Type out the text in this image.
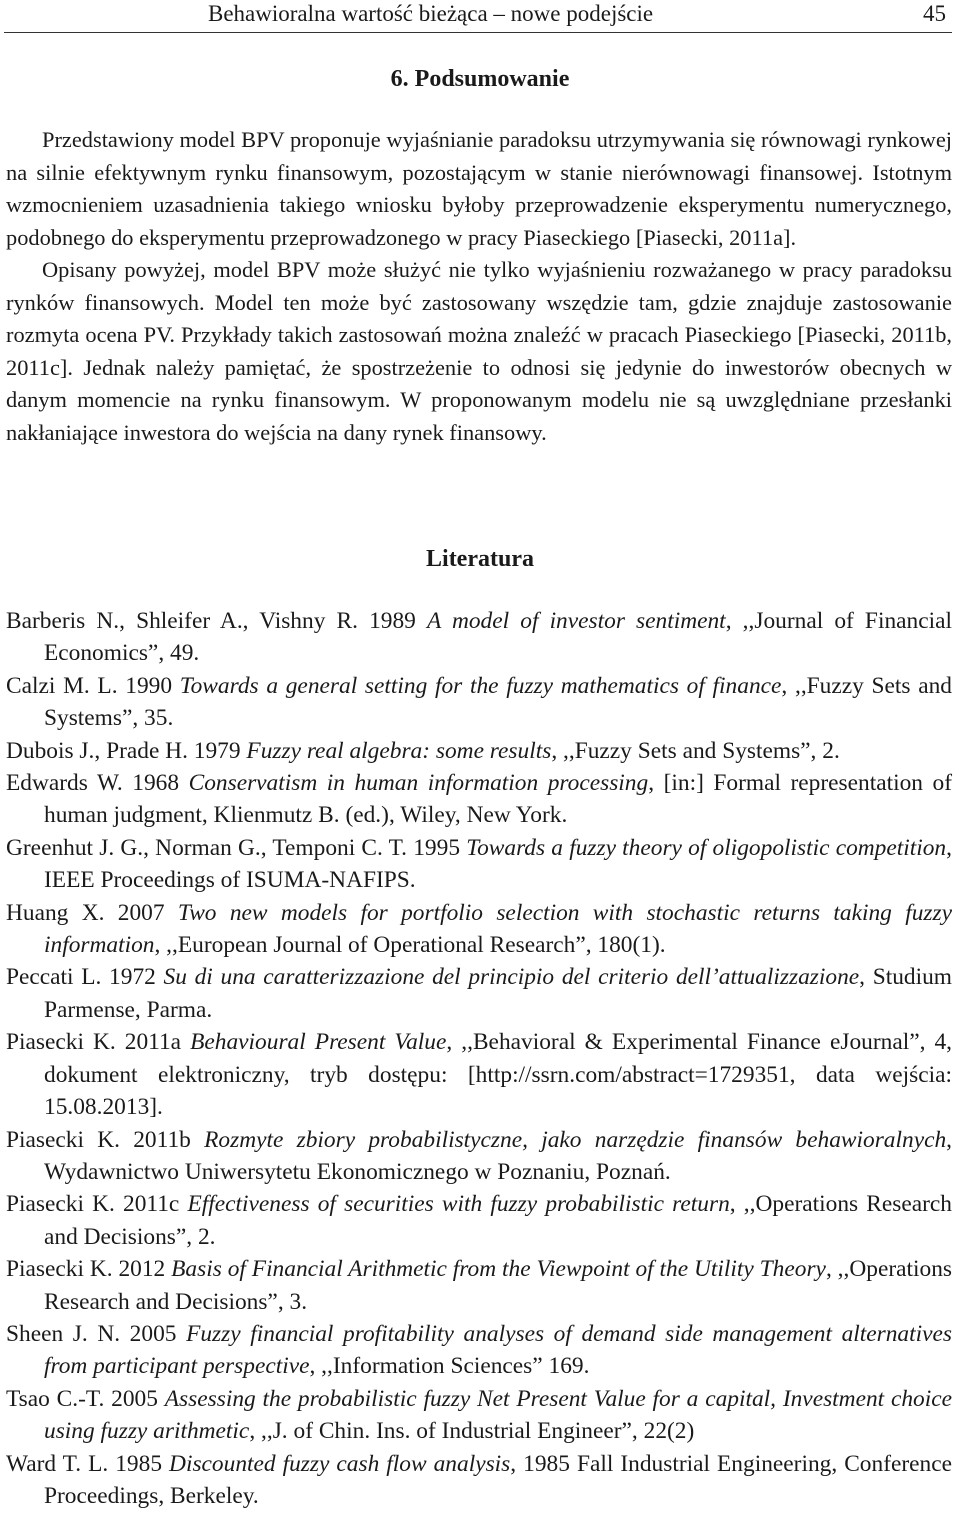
Behawioralna wartość bieżąca – nowe podejście	45
6. Podsumowanie

Przedstawiony model BPV proponuje wyjaśnianie paradoksu utrzymywania się równowagi rynkowej na silnie efektywnym rynku finansowym, pozostającym w stanie nierównowagi finansowej. Istotnym wzmocnieniem uzasadnienia takiego wniosku byłoby przeprowadzenie eksperymentu numerycznego, podobnego do eksperymentu przeprowadzonego w pracy Piaseckiego [Piasecki, 2011a].
Opisany powyżej, model BPV może służyć nie tylko wyjaśnieniu rozważanego w pracy paradoksu rynków finansowych. Model ten może być zastosowany wszędzie tam, gdzie znajduje zastosowanie rozmyta ocena PV. Przykłady takich zastosowań można znaleźć w pracach Piaseckiego [Piasecki, 2011b, 2011c]. Jednak należy pamiętać, że spostrzeżenie to odnosi się jedynie do inwestorów obecnych w danym momencie na rynku finansowym. W proponowanym modelu nie są uwzględniane przesłanki nakłaniające inwestora do wejścia na dany rynek finansowy.

Literatura
Barberis N., Shleifer A., Vishny R. 1989 A model of investor sentiment, ,,Journal of Financial Economics”, 49.
Calzi M. L. 1990 Towards a general setting for the fuzzy mathematics of finance, ,,Fuzzy Sets and Systems”, 35.
Dubois J., Prade H. 1979 Fuzzy real algebra: some results, ,,Fuzzy Sets and Systems”, 2.
Edwards W. 1968 Conservatism in human information processing, [in:] Formal representation of human judgment, Klienmutz B. (ed.), Wiley, New York.
Greenhut J. G., Norman G., Temponi C. T. 1995 Towards a fuzzy theory of oligopolistic competition, IEEE Proceedings of ISUMA-NAFIPS.
Huang X. 2007 Two new models for portfolio selection with stochastic returns taking fuzzy information, ,,European Journal of Operational Research”, 180(1).
Peccati L. 1972 Su di una caratterizzazione del principio del criterio dell’attualizzazione, Studium Parmense, Parma.
Piasecki K. 2011a Behavioural Present Value, ,,Behavioral & Experimental Finance eJournal”, 4, dokument elektroniczny, tryb dostępu: [http://ssrn.com/abstract=1729351, data wejścia: 15.08.2013].
Piasecki K. 2011b Rozmyte zbiory probabilistyczne, jako narzędzie finansów behawioralnych, Wydawnictwo Uniwersytetu Ekonomicznego w Poznaniu, Poznań.
Piasecki K. 2011c Effectiveness of securities with fuzzy probabilistic return, ,,Operations Research and Decisions”, 2.
Piasecki K. 2012 Basis of Financial Arithmetic from the Viewpoint of the Utility Theory, ,,Operations Research and Decisions”, 3.
Sheen J. N. 2005 Fuzzy financial profitability analyses of demand side management alternatives from participant perspective, ,,Information Sciences” 169.
Tsao C.-T. 2005 Assessing the probabilistic fuzzy Net Present Value for a capital, Investment choice using fuzzy arithmetic, ,,J. of Chin. Ins. of Industrial Engineer”, 22(2)
Ward T. L. 1985 Discounted fuzzy cash flow analysis, 1985 Fall Industrial Engineering, Conference Proceedings, Berkeley.
